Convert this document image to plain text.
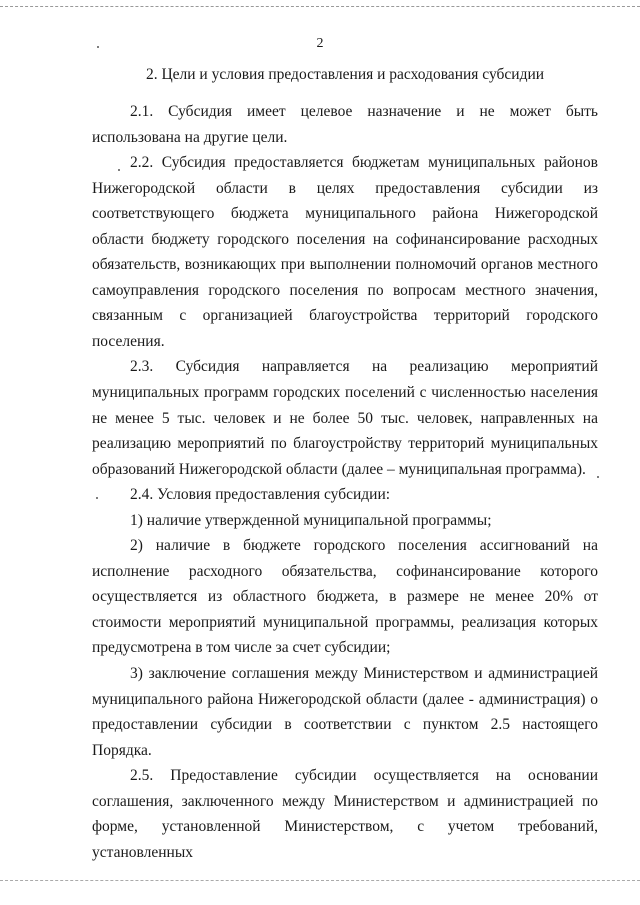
2
2. Цели и условия предоставления и расходования субсидии

2.1. Субсидия имеет целевое назначение и не может быть использована на другие цели.

2.2. Субсидия предоставляется бюджетам муниципальных районов Нижегородской области в целях предоставления субсидии из соответствующего бюджета муниципального района Нижегородской области бюджету городского поселения на софинансирование расходных обязательств, возникающих при выполнении полномочий органов местного самоуправления городского поселения по вопросам местного значения, связанным с организацией благоустройства территорий городского поселения.

2.3. Субсидия направляется на реализацию мероприятий муниципальных программ городских поселений с численностью населения не менее 5 тыс. человек и не более 50 тыс. человек, направленных на реализацию мероприятий по благоустройству территорий муниципальных образований Нижегородской области (далее – муниципальная программа).

2.4. Условия предоставления субсидии:

1) наличие утвержденной муниципальной программы;

2) наличие в бюджете городского поселения ассигнований на исполнение расходного обязательства, софинансирование которого осуществляется из областного бюджета, в размере не менее 20% от стоимости мероприятий муниципальной программы, реализация которых предусмотрена в том числе за счет субсидии;

3) заключение соглашения между Министерством и администрацией муниципального района Нижегородской области (далее - администрация) о предоставлении субсидии в соответствии с пунктом 2.5 настоящего Порядка.

2.5. Предоставление субсидии осуществляется на основании соглашения, заключенного между Министерством и администрацией по форме, установленной Министерством, с учетом требований, установленных
